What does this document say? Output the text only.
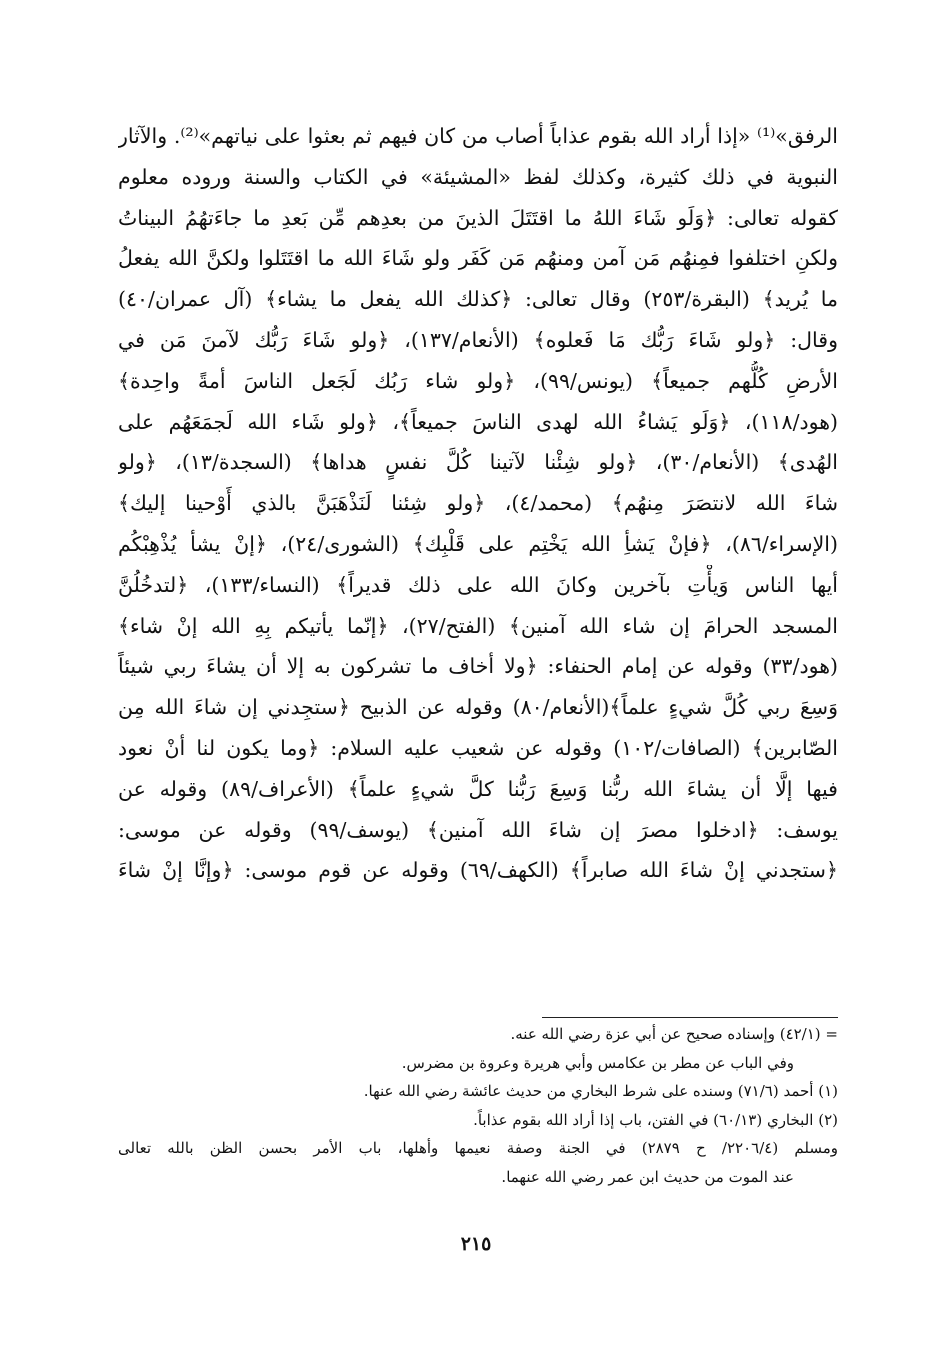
الرفق»⁽¹⁾ «إذا أراد الله بقوم عذاباً أصاب من كان فيهم ثم بعثوا على نياتهم»⁽²⁾. والآثار
النبوية في ذلك كثيرة، وكذلك لفظ «المشيئة» في الكتاب والسنة وروده معلوم
كقوله تعالى: ﴿وَلَو شَاءَ اللهُ ما اقتَتَلَ الذينَ من بعدِهم مِّن بَعدِ ما جاءَتهُمُ البيناتُ
ولكنِ اختلفوا فمِنهُم مَن آمن ومنهُم مَن كَفَر ولو شَاءَ الله ما اقتَتَلوا ولكنَّ الله يفعلُ
ما يُريد﴾ (البقرة/٢٥٣) وقال تعالى: ﴿كذلك الله يفعل ما يشاء﴾ (آل عمران/٤٠)
وقال: ﴿ولو شَاءَ رَبُّك مَا فَعلوه﴾ (الأنعام/١٣٧)، ﴿ولو شَاءَ رَبُّك لآمنَ مَن في
الأرضِ كُلُّهم جميعاً﴾ (يونس/٩٩)، ﴿ولو شاء رَبُك لَجَعل الناسَ أمةً واحِدة﴾
(هود/١١٨)، ﴿وَلَو يَشاءُ الله لهدى الناسَ جميعاً﴾، ﴿ولو شَاء الله لَجمَعَهُم على
الهُدى﴾ (الأنعام/٣٠)، ﴿ولو شِئْنا لآتينا كُلَّ نفسٍ هداها﴾ (السجدة/١٣)، ﴿ولو
شاءَ الله لانتصَرَ مِنهُم﴾ (محمد/٤)، ﴿ولو شِئنا لَنَذْهَبَنَّ بالذي أَوْحينا إليك﴾
(الإسراء/٨٦)، ﴿فإنْ يَشأِ الله يَخْتِم على قَلْبِك﴾ (الشورى/٢٤)، ﴿إنْ يشأ يُذْهِبْكُم
أيها الناس وَيأْتِ بآخرين وكانَ الله على ذلك قديراً﴾ (النساء/١٣٣)، ﴿لتدخُلُنَّ
المسجد الحرامَ إن شاء الله آمنين﴾ (الفتح/٢٧)، ﴿إنّما يأتيكم بِهِ الله إنْ شاء﴾
(هود/٣٣) وقوله عن إمام الحنفاء: ﴿ولا أخاف ما تشركون به إلا أن يشاءَ ربي شيئاً
وَسِعَ ربي كُلَّ شيءٍ علماً﴾(الأنعام/٨٠) وقوله عن الذبيح ﴿ستجِدني إن شاءَ الله مِن
الصّابرين﴾ (الصافات/١٠٢) وقوله عن شعيب عليه السلام: ﴿وما يكون لنا أنْ نعود
فيها إلَّا أن يشاءَ الله ربُّنا وَسِعَ رَبُّنا كلَّ شيءٍ علماً﴾ (الأعراف/٨٩) وقوله عن
يوسف: ﴿ادخلوا مصرَ إن شاءَ الله آمنين﴾ (يوسف/٩٩) وقوله عن موسى:
﴿ستجدني إنْ شاءَ الله صابراً﴾ (الكهف/٦٩) وقوله عن قوم موسى: ﴿وإنَّا إنْ شاءَ
= (٤٢/١) وإسناده صحيح عن أبي عزة رضي الله عنه.
وفي الباب عن مطر بن عكامس وأبي هريرة وعروة بن مضرس.
(١) أحمد (٧١/٦) وسنده على شرط البخاري من حديث عائشة رضي الله عنها.
(٢) البخاري (٦٠/١٣) في الفتن، باب إذا أراد الله بقوم عذاباً.
ومسلم (٢٢٠٦/٤/ ح ٢٨٧٩) في الجنة وصفة نعيمها وأهلها، باب الأمر بحسن الظن بالله تعالى
عند الموت من حديث ابن عمر رضي الله عنهما.
٢١٥
